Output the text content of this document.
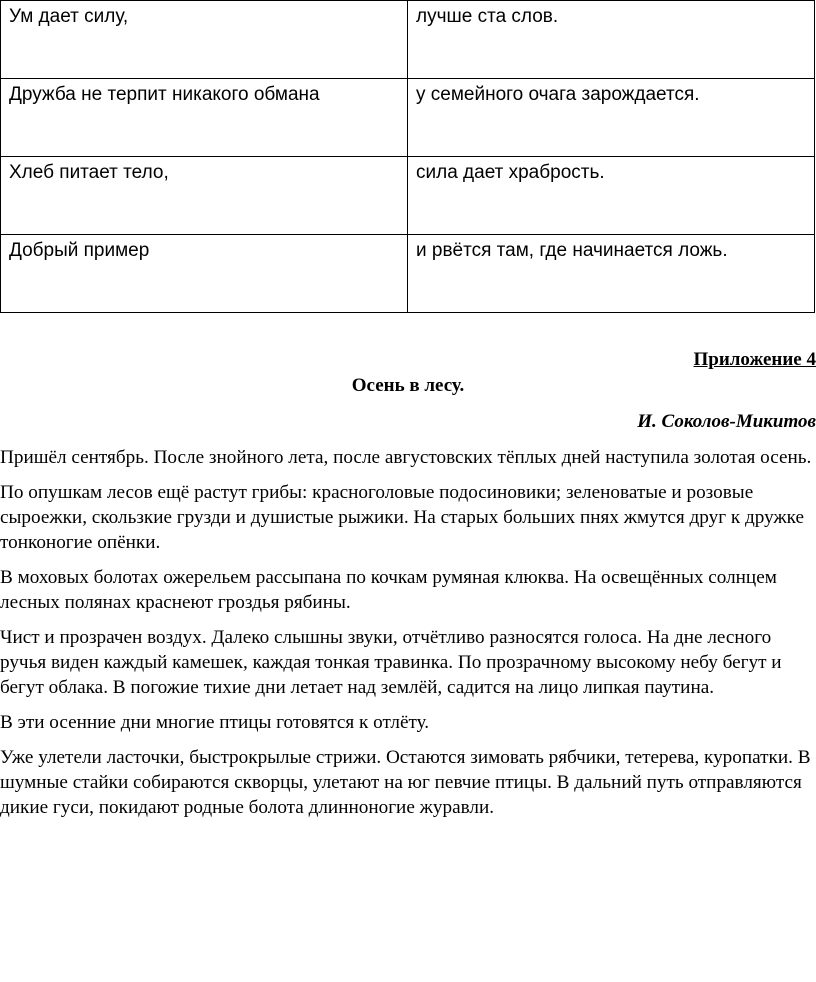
Ум дает силу,	лучше ста слов.
Дружба не терпит никакого обмана	у семейного очага зарождается.
Хлеб питает тело,	сила дает храбрость.
Добрый пример	и рвётся там, где начинается ложь.
Приложение 4
Осень в лесу.
И. Соколов-Микитов

Пришёл сентябрь. После знойного лета, после августовских тёплых дней наступила золотая осень.

По опушкам лесов ещё растут грибы: красноголовые подосиновики; зеленоватые и розовые сыроежки, скользкие грузди и душистые рыжики. На старых больших пнях жмутся друг к дружке тонконогие опёнки.

В моховых болотах ожерельем рассыпана по кочкам румяная клюква. На освещённых солнцем лесных полянах краснеют гроздья рябины.

Чист и прозрачен воздух. Далеко слышны звуки, отчётливо разносятся голоса. На дне лесного ручья виден каждый камешек, каждая тонкая травинка. По прозрачному высокому небу бегут и бегут облака. В погожие тихие дни летает над землёй, садится на лицо липкая паутина.

В эти осенние дни многие птицы готовятся к отлёту.

Уже улетели ласточки, быстрокрылые стрижи. Остаются зимовать рябчики, тетерева, куропатки. В шумные стайки собираются скворцы, улетают на юг певчие птицы. В дальний путь отправляются дикие гуси, покидают родные болота длинноногие журавли.
